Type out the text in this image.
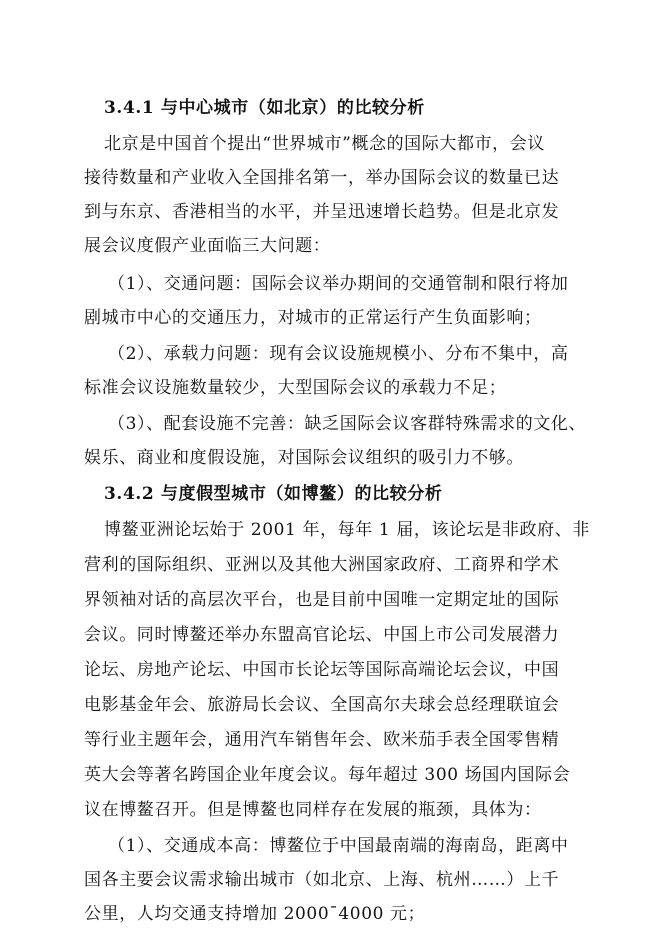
3.4.1 与中心城市（如北京）的比较分析
北京是中国首个提出“世界城市”概念的国际大都市，会议
接待数量和产业收入全国排名第一，举办国际会议的数量已达
到与东京、香港相当的水平，并呈迅速增长趋势。但是北京发
展会议度假产业面临三大问题：
（1）、交通问题：国际会议举办期间的交通管制和限行将加
剧城市中心的交通压力，对城市的正常运行产生负面影响；
（2）、承载力问题：现有会议设施规模小、分布不集中，高
标准会议设施数量较少，大型国际会议的承载力不足；
（3）、配套设施不完善：缺乏国际会议客群特殊需求的文化、
娱乐、商业和度假设施，对国际会议组织的吸引力不够。
3.4.2 与度假型城市（如博鳌）的比较分析
博鳌亚洲论坛始于 2001 年，每年 1 届，该论坛是非政府、非
营利的国际组织、亚洲以及其他大洲国家政府、工商界和学术
界领袖对话的高层次平台，也是目前中国唯一定期定址的国际
会议。同时博鳌还举办东盟高官论坛、中国上市公司发展潜力
论坛、房地产论坛、中国市长论坛等国际高端论坛会议，中国
电影基金年会、旅游局长会议、全国高尔夫球会总经理联谊会
等行业主题年会，通用汽车销售年会、欧米茄手表全国零售精
英大会等著名跨国企业年度会议。每年超过 300 场国内国际会
议在博鳌召开。但是博鳌也同样存在发展的瓶颈，具体为：
（1）、交通成本高：博鳌位于中国最南端的海南岛，距离中
国各主要会议需求输出城市（如北京、上海、杭州……）上千
公里，人均交通支持增加 2000¯4000 元；
